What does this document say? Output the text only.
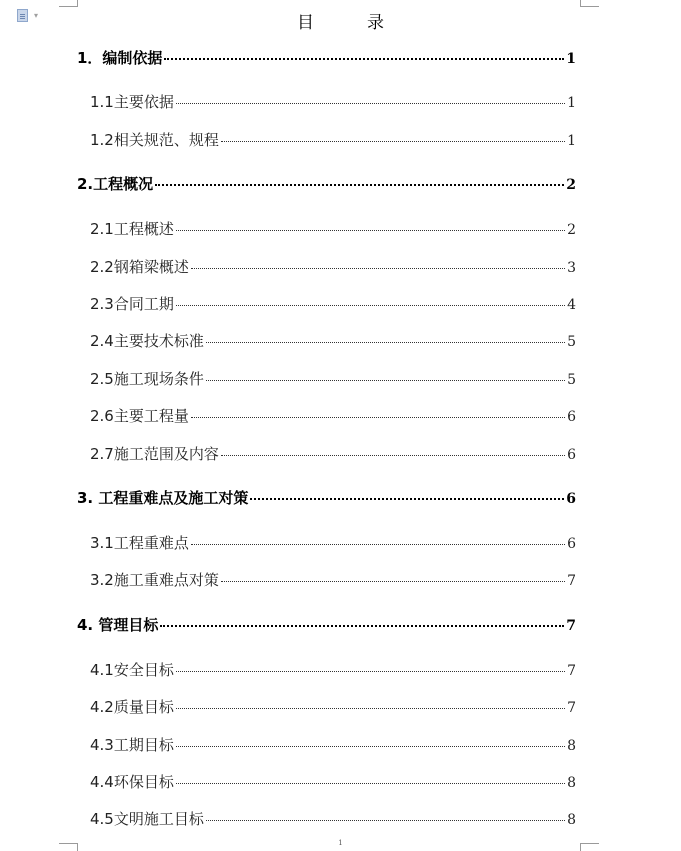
▾	目　录
1．编制依据	1
1.1主要依据	1
1.2相关规范、规程	1
2.工程概况	2
2.1工程概述	2
2.2钢箱梁概述	3
2.3合同工期	4
2.4主要技术标准	5
2.5施工现场条件	5
2.6主要工程量	6
2.7施工范围及内容	6
3. 工程重难点及施工对策	6
3.1工程重难点	6
3.2施工重难点对策	7
4. 管理目标	7
4.1安全目标	7
4.2质量目标	7
4.3工期目标	8
4.4环保目标	8
4.5文明施工目标	8
1
